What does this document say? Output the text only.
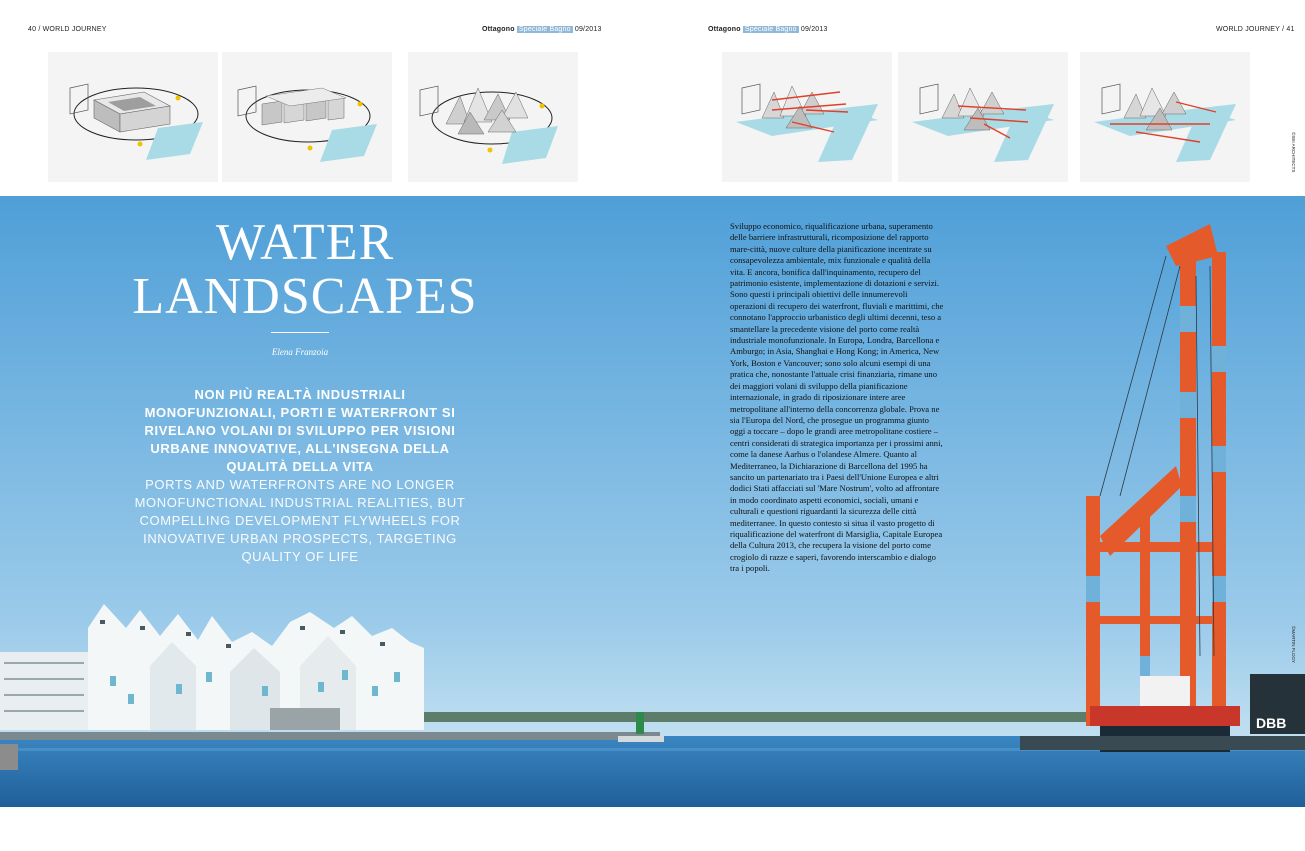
40 / WORLD JOURNEY	Ottagono Speciale Bagno 09/2013	Ottagono Speciale Bagno 09/2013	WORLD JOURNEY / 41
©SEI ARCHITECTS
DBB
©MARTIN FLOOY
WATER
LANDSCAPES
Elena Franzoia
NON PIÙ REALTÀ INDUSTRIALI MONOFUNZIONALI, PORTI E WATERFRONT SI RIVELANO VOLANI DI SVILUPPO PER VISIONI URBANE INNOVATIVE, ALL'INSEGNA DELLA QUALITÀ DELLA VITA
PORTS AND WATERFRONTS ARE NO LONGER MONOFUNCTIONAL INDUSTRIAL REALITIES, BUT COMPELLING DEVELOPMENT FLYWHEELS FOR INNOVATIVE URBAN PROSPECTS, TARGETING QUALITY OF LIFE
Sviluppo economico, riqualificazione urbana, superamento delle barriere infrastrutturali, ricomposizione del rapporto mare-città, nuove culture della pianificazione incentrate su consapevolezza ambientale, mix funzionale e qualità della vita. E ancora, bonifica dall'inquinamento, recupero del patrimonio esistente, implementazione di dotazioni e servizi. Sono questi i principali obiettivi delle innumerevoli operazioni di recupero dei waterfront, fluviali e marittimi, che connotano l'approccio urbanistico degli ultimi decenni, teso a smantellare la precedente visione del porto come realtà industriale monofunzionale. In Europa, Londra, Barcellona e Amburgo; in Asia, Shanghai e Hong Kong; in America, New York, Boston e Vancouver; sono solo alcuni esempi di una pratica che, nonostante l'attuale crisi finanziaria, rimane uno dei maggiori volani di sviluppo della pianificazione internazionale, in grado di riposizionare intere aree metropolitane all'interno della concorrenza globale. Prova ne sia l'Europa del Nord, che prosegue un programma giunto oggi a toccare – dopo le grandi aree metropolitane costiere – centri considerati di strategica importanza per i prossimi anni, come la danese Aarhus o l'olandese Almere. Quanto al Mediterraneo, la Dichiarazione di Barcellona del 1995 ha sancito un partenariato tra i Paesi dell'Unione Europea e altri dodici Stati affacciati sul 'Mare Nostrum', volto ad affrontare in modo coordinato aspetti economici, sociali, umani e culturali e questioni riguardanti la sicurezza delle città mediterranee. In questo contesto si situa il vasto progetto di riqualificazione del waterfront di Marsiglia, Capitale Europea della Cultura 2013, che recupera la visione del porto come crogiolo di razze e saperi, favorendo interscambio e dialogo tra i popoli.
